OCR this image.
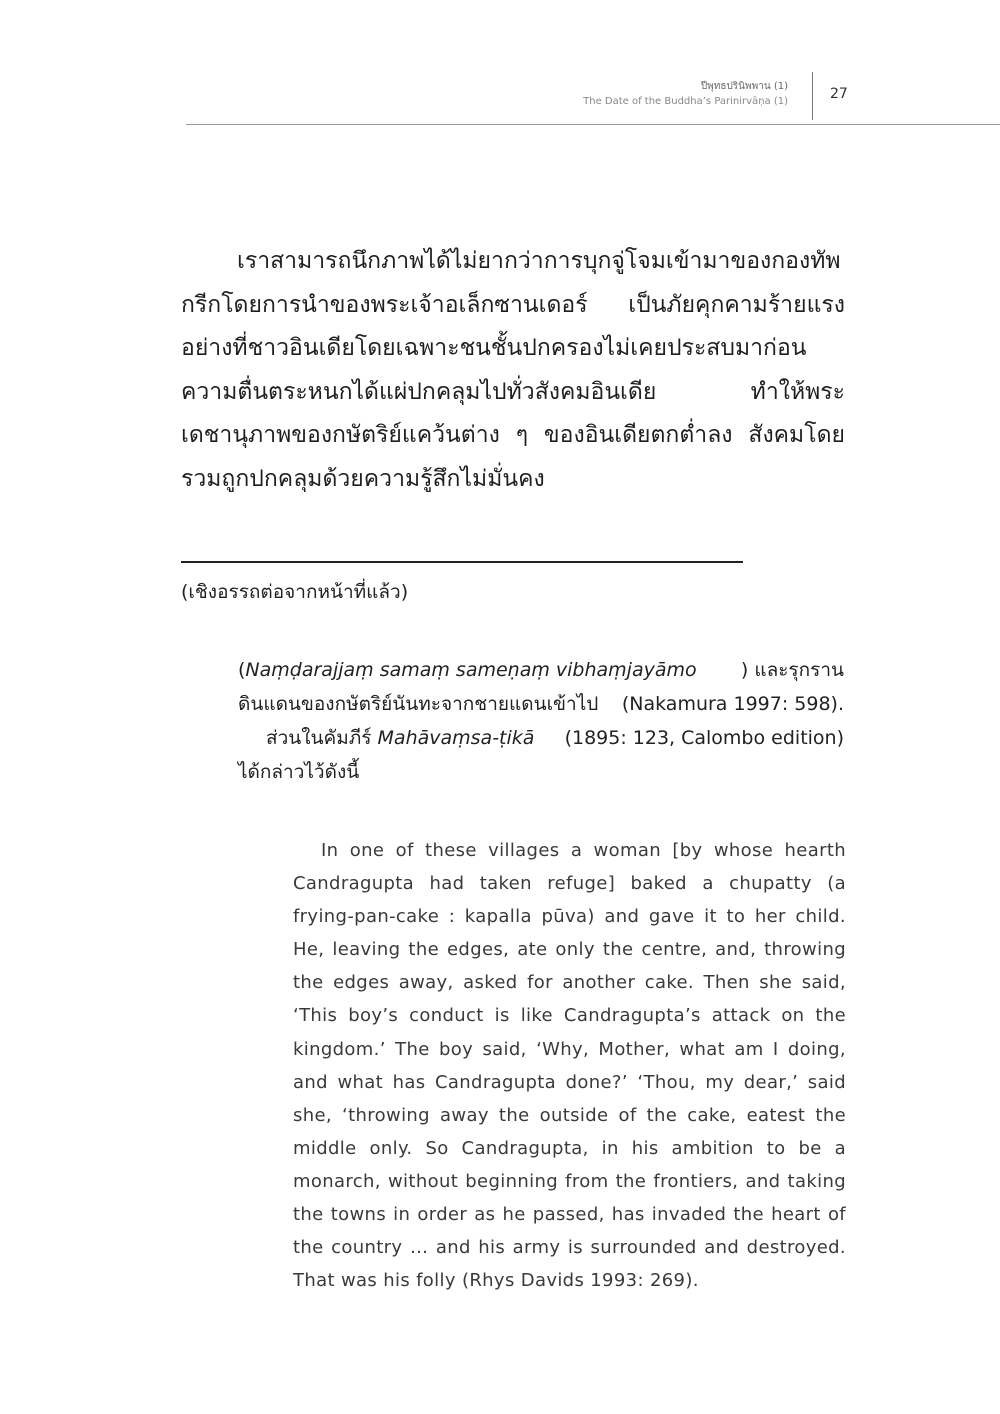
ปีพุทธปรินิพพาน (1)
The Date of the Buddha’s Parinirvāṇa (1)	27
เราสามารถนึกภาพได้ไม่ยากว่าการบุกจู่โจมเข้ามาของกองทัพกรีกโดยการนำของพระเจ้าอเล็กซานเดอร์ เป็นภัยคุกคามร้ายแรงอย่างที่ชาวอินเดียโดยเฉพาะชนชั้นปกครองไม่เคยประสบมาก่อน ความตื่นตระหนกได้แผ่ปกคลุมไปทั่วสังคมอินเดีย ทำให้พระเดชานุภาพของกษัตริย์แคว้นต่าง ๆ ของอินเดียตกต่ำลง สังคมโดยรวมถูกปกคลุมด้วยความรู้สึกไม่มั่นคง
(เชิงอรรถต่อจากหน้าที่แล้ว)
(Naṃḍarajjaṃ samaṃ sameṇaṃ vibhaṃjayāmo ) และรุกราน
ดินแดนของกษัตริย์นันทะจากชายแดนเข้าไป (Nakamura 1997: 598).
ส่วนในคัมภีร์ Mahāvaṃsa-ṭikā (1895: 123, Calombo edition)
ได้กล่าวไว้ดังนี้
In one of these villages a woman [by whose hearth Candragupta had taken refuge] baked a chupatty (a frying-pan-cake : kapalla pūva) and gave it to her child. He, leaving the edges, ate only the centre, and, throwing the edges away, asked for another cake. Then she said, ‘This boy’s conduct is like Candragupta’s attack on the kingdom.’ The boy said, ‘Why, Mother, what am I doing, and what has Candragupta done?’ ‘Thou, my dear,’ said she, ‘throwing away the outside of the cake, eatest the middle only. So Candragupta, in his ambition to be a monarch, without beginning from the frontiers, and taking the towns in order as he passed, has invaded the heart of the country … and his army is surrounded and destroyed. That was his folly (Rhys Davids 1993: 269).
